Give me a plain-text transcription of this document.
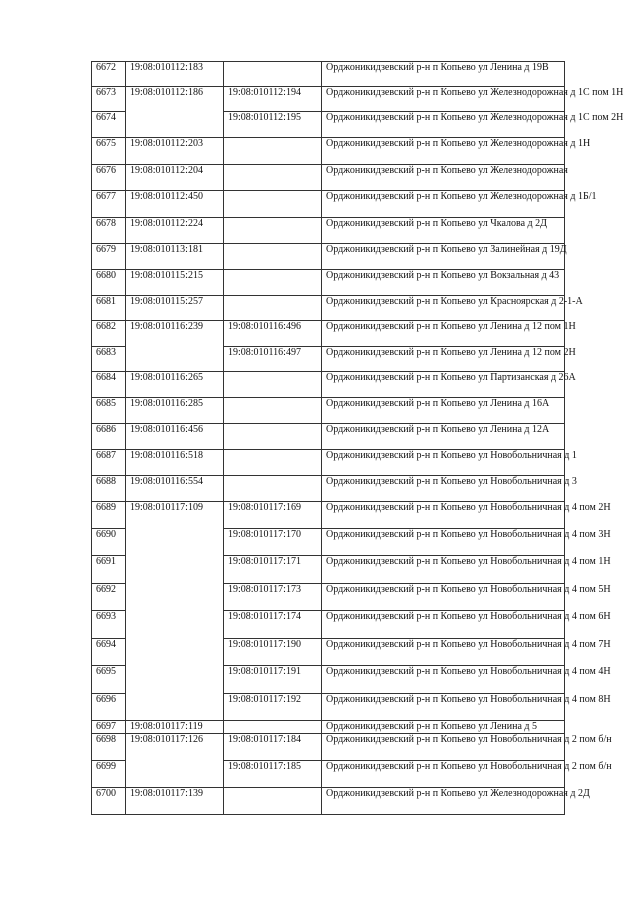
6672	19:08:010112:183		Орджоникидзевский р-н п Копьево ул Ленина д 19В

6673	19:08:010112:186	19:08:010112:194	Орджоникидзевский р-н п Копьево ул Железнодорожная д 1С пом 1Н

6674		19:08:010112:195	Орджоникидзевский р-н п Копьево ул Железнодорожная д 1С пом 2Н

6675	19:08:010112:203		Орджоникидзевский р-н п Копьево ул Железнодорожная д 1Н

6676	19:08:010112:204		Орджоникидзевский р-н п Копьево ул Железнодорожная

6677	19:08:010112:450		Орджоникидзевский р-н п Копьево ул Железнодорожная д 1Б/1

6678	19:08:010112:224		Орджоникидзевский р-н п Копьево ул Чкалова д 2Д

6679	19:08:010113:181		Орджоникидзевский р-н п Копьево ул Залинейная д 19Д

6680	19:08:010115:215		Орджоникидзевский р-н п Копьево ул Вокзальная д 43

6681	19:08:010115:257		Орджоникидзевский р-н п Копьево ул Красноярская д 2-1-А

6682	19:08:010116:239	19:08:010116:496	Орджоникидзевский р-н п Копьево ул Ленина д 12 пом 1Н

6683		19:08:010116:497	Орджоникидзевский р-н п Копьево ул Ленина д 12 пом 2Н

6684	19:08:010116:265		Орджоникидзевский р-н п Копьево ул Партизанская д 26А

6685	19:08:010116:285		Орджоникидзевский р-н п Копьево ул Ленина д 16А

6686	19:08:010116:456		Орджоникидзевский р-н п Копьево ул Ленина д 12А

6687	19:08:010116:518		Орджоникидзевский р-н п Копьево ул Новобольничная д 1

6688	19:08:010116:554		Орджоникидзевский р-н п Копьево ул Новобольничная д 3

6689	19:08:010117:109	19:08:010117:169	Орджоникидзевский р-н п Копьево ул Новобольничная д 4 пом 2Н

6690		19:08:010117:170	Орджоникидзевский р-н п Копьево ул Новобольничная д 4 пом 3Н

6691		19:08:010117:171	Орджоникидзевский р-н п Копьево ул Новобольничная д 4 пом 1Н

6692		19:08:010117:173	Орджоникидзевский р-н п Копьево ул Новобольничная д 4 пом 5Н

6693		19:08:010117:174	Орджоникидзевский р-н п Копьево ул Новобольничная д 4 пом 6Н

6694		19:08:010117:190	Орджоникидзевский р-н п Копьево ул Новобольничная д 4 пом 7Н

6695		19:08:010117:191	Орджоникидзевский р-н п Копьево ул Новобольничная д 4 пом 4Н

6696		19:08:010117:192	Орджоникидзевский р-н п Копьево ул Новобольничная д 4 пом 8Н

6697	19:08:010117:119		Орджоникидзевский р-н п Копьево ул Ленина д 5
6698	19:08:010117:126	19:08:010117:184	Орджоникидзевский р-н п Копьево ул Новобольничная д 2 пом б/н

6699		19:08:010117:185	Орджоникидзевский р-н п Копьево ул Новобольничная д 2 пом б/н

6700	19:08:010117:139		Орджоникидзевский р-н п Копьево ул Железнодорожная д 2Д
